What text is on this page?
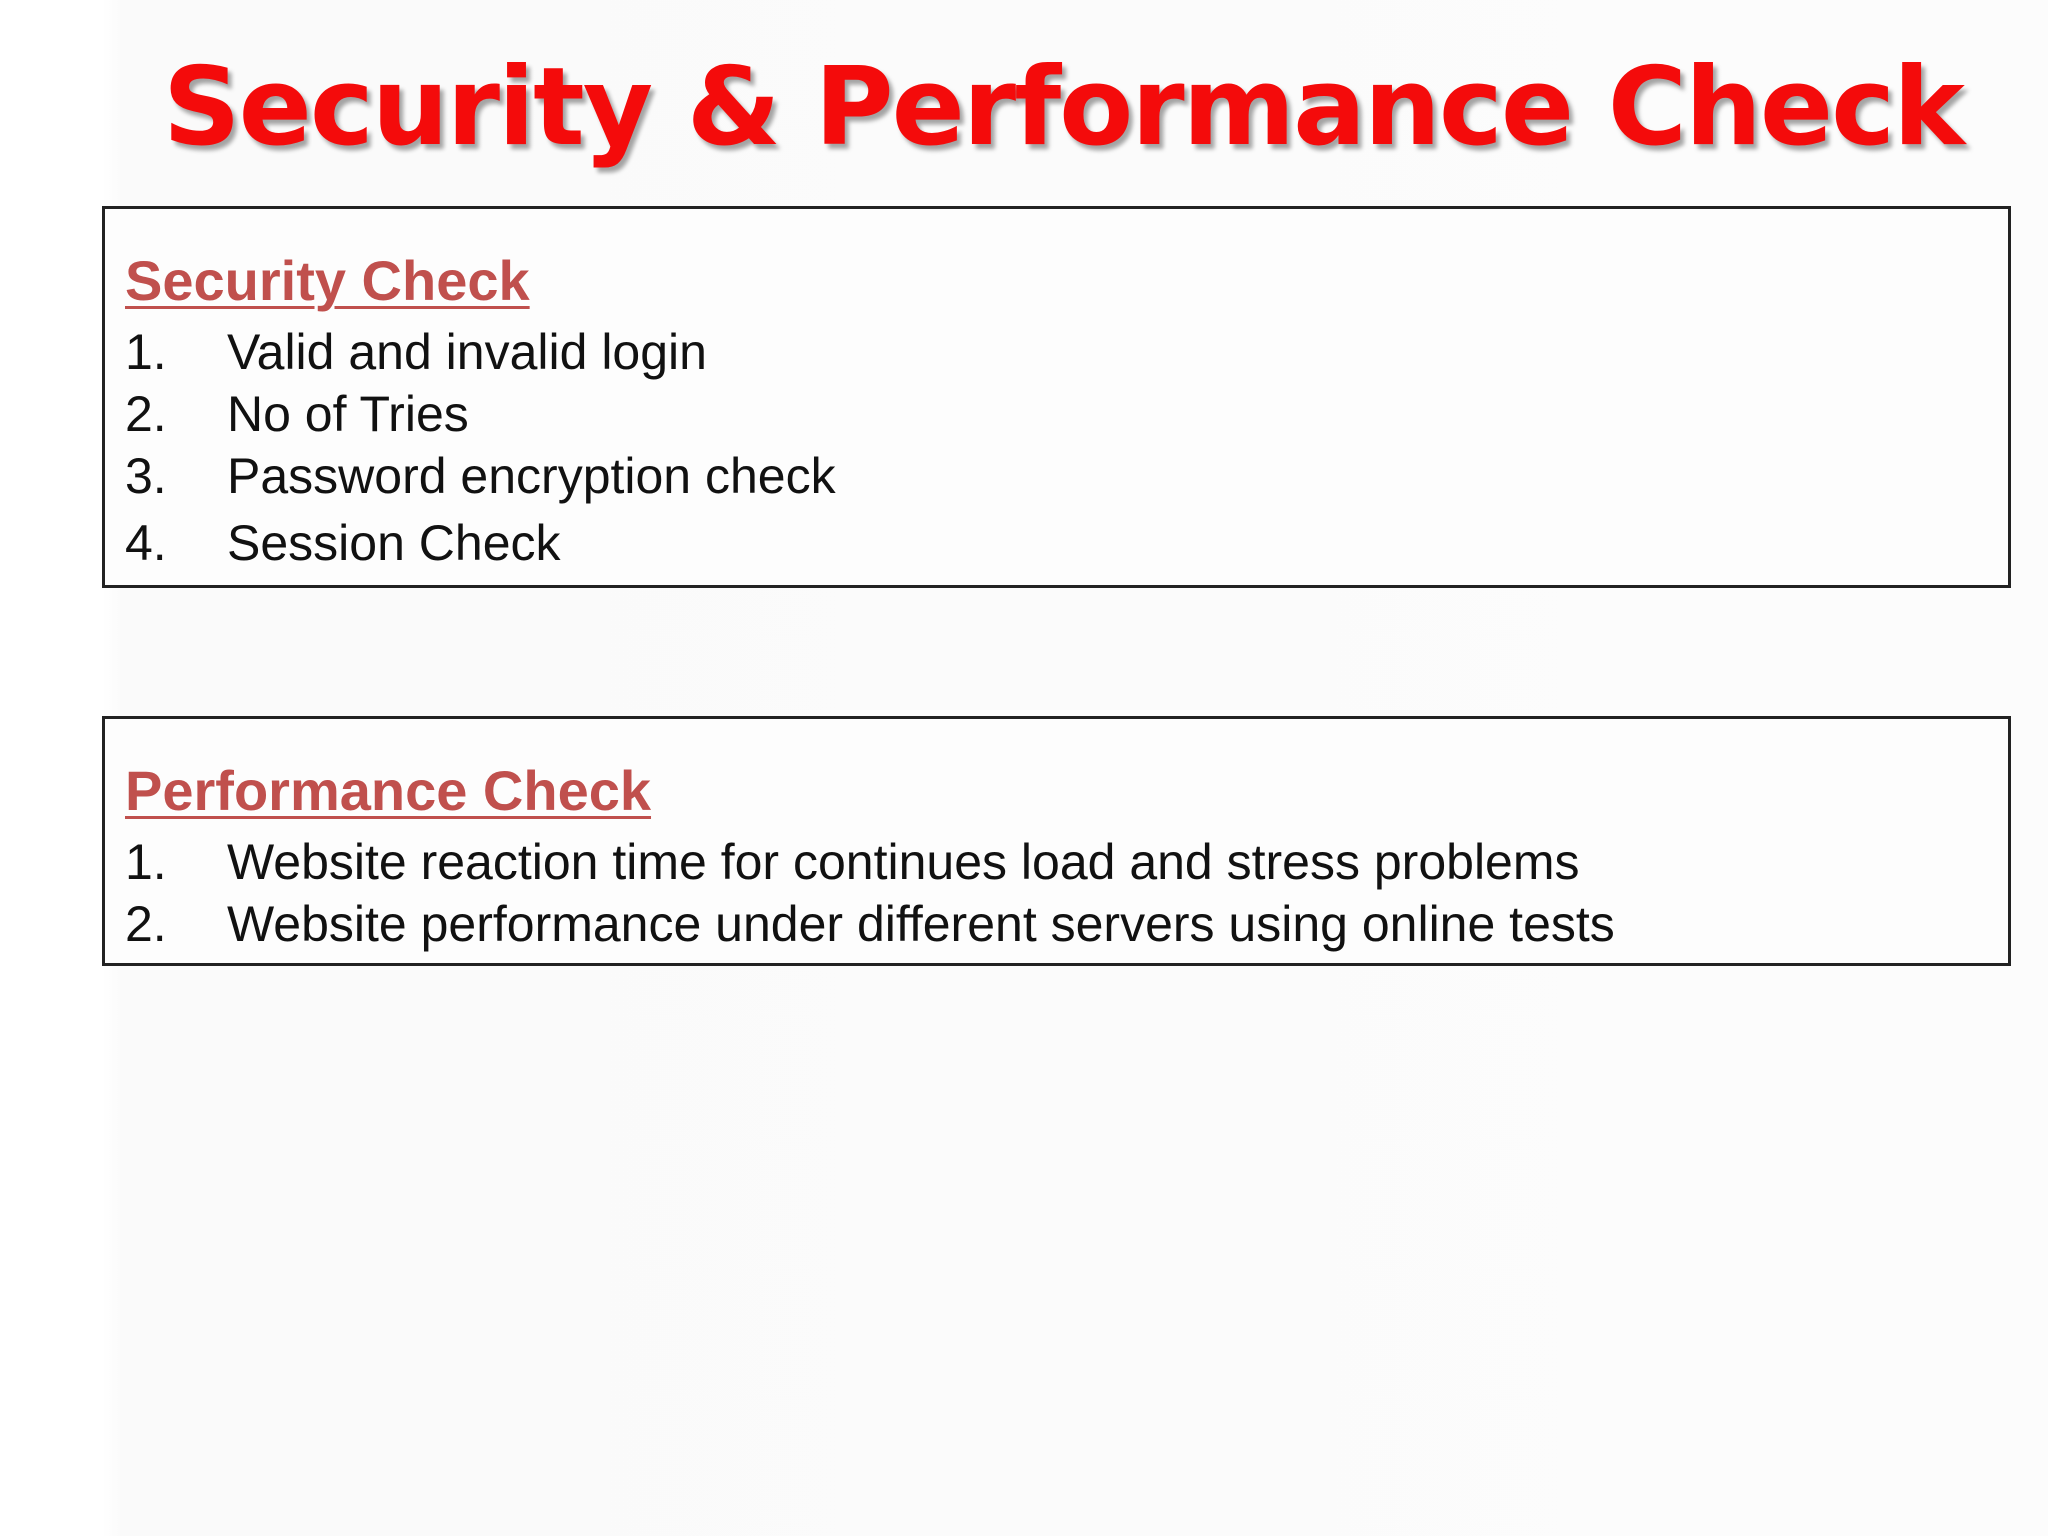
Security & Performance Check
Security Check
1. Valid and invalid login
2. No of Tries
3. Password encryption check
4. Session Check
Performance Check
1. Website reaction time for continues load and stress problems
2. Website performance under different servers using online tests
